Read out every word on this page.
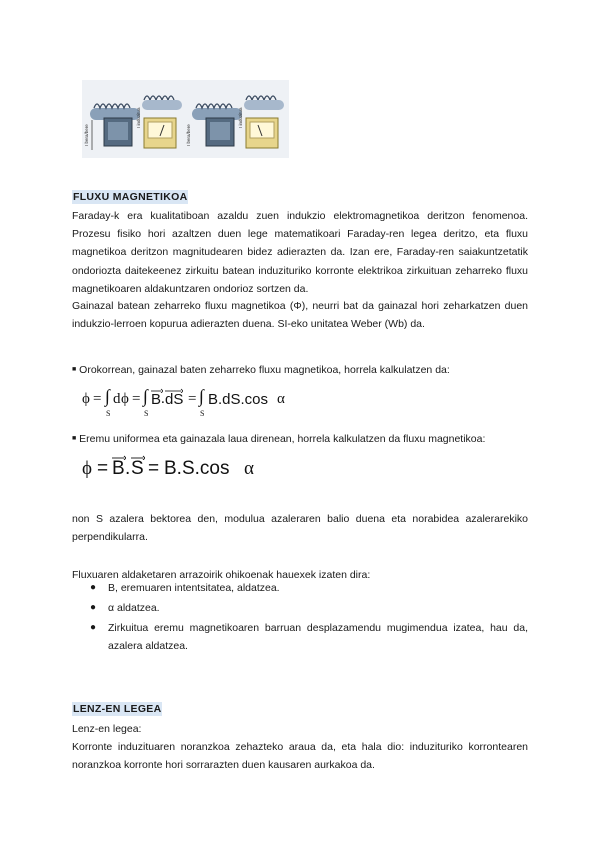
I bera/bere
I induzitua
I bera/bere
I induzitua
FLUXU MAGNETIKOA

Faraday-k era kualitatiboan azaldu zuen indukzio elektromagnetikoa deritzon fenomenoa. Prozesu fisiko hori azaltzen duen lege matematikoari Faraday-ren legea deritzo, eta fluxu magnetikoa deritzon magnitudearen bidez adierazten da. Izan ere, Faraday-ren saiakuntzetatik ondorioztа daitekeenez zirkuitu batean induzituriko korronte elektrikoa zirkuituan zeharreko fluxu magnetikoaren aldakuntzaren ondorioz sortzen da.

Gainazal batean zeharreko fluxu magnetikoa (Φ), neurri bat da gainazal hori zeharkatzen duen indukzio-lerroen kopurua adierazten duena. SI-eko unitatea Weber (Wb) da.

■ Orokorrean, gainazal baten zeharreko fluxu magnetikoa, horrela kalkulatzen da:
ϕ = ∫
S
d ϕ = ∫
S
B . dS = ∫
S
B.dS.cos α
■ Eremu uniformea eta gainazala laua direnean, horrela kalkulatzen da fluxu magnetikoa:
ϕ = B . S = B.S.cos α

non S azalera bektorea den, modulua azaleraren balio duena eta norabidea azalerarekiko perpendikularra.

Fluxuaren aldaketaren arrazoirik ohikoenak hauexek izaten dira:
● B, eremuaren intentsitatea, aldatzea.
● α aldatzea.
● Zirkuitua eremu magnetikoaren barruan desplazamendu mugimendua izatea, hau da, azalera aldatzea.
LENZ-EN LEGEA
Lenz-en legea:

Korronte induzituaren noranzkoa zehazteko araua da, eta hala dio: induzituriko korrontearen noranzkoa korronte hori sorrarazten duen kausaren aurkakoa da.
